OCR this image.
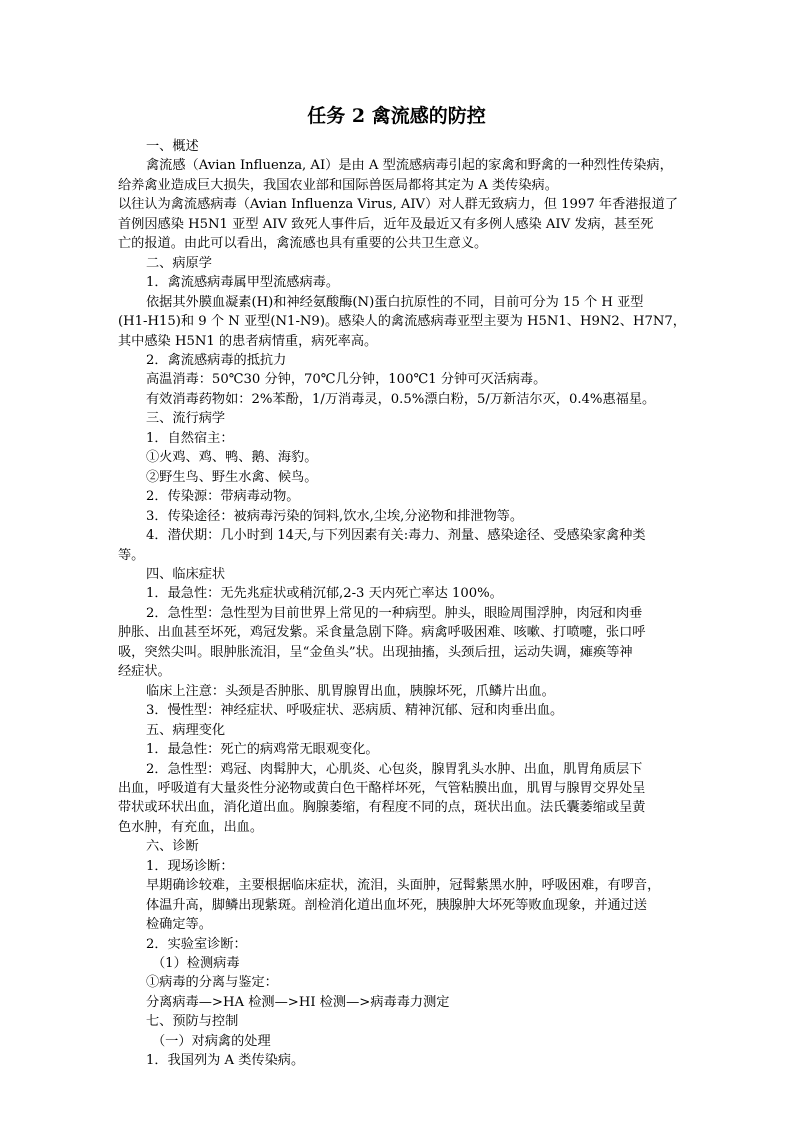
任务 2 禽流感的防控

一、概述

禽流感（Avian Influenza, AI）是由 A 型流感病毒引起的家禽和野禽的一种烈性传染病，

给养禽业造成巨大损失，我国农业部和国际兽医局都将其定为 A 类传染病。

以往认为禽流感病毒（Avian Influenza Virus, AIV）对人群无致病力，但 1997 年香港报道了

首例因感染 H5N1 亚型 AIV 致死人事件后，近年及最近又有多例人感染 AIV 发病，甚至死

亡的报道。由此可以看出，禽流感也具有重要的公共卫生意义。

二、病原学

1．禽流感病毒属甲型流感病毒。

依据其外膜血凝素(H)和神经氨酸酶(N)蛋白抗原性的不同，目前可分为 15 个 H 亚型

(H1-H15)和 9 个 N 亚型(N1-N9)。感染人的禽流感病毒亚型主要为 H5N1、H9N2、H7N7，

其中感染 H5N1 的患者病情重，病死率高。

2．禽流感病毒的抵抗力

高温消毒：50℃30 分钟，70℃几分钟，100℃1 分钟可灭活病毒。

有效消毒药物如：2%苯酚，1/万消毒灵，0.5%漂白粉，5/万新洁尔灭，0.4%惠福星。

三、流行病学

1．自然宿主：

①火鸡、鸡、鸭、鹅、海豹。

②野生鸟、野生水禽、候鸟。

2．传染源：带病毒动物。

3．传染途径：被病毒污染的饲料,饮水,尘埃,分泌物和排泄物等。

4．潜伏期：几小时到 14天,与下列因素有关:毒力、剂量、感染途径、受感染家禽种类

等。

四、临床症状

1．最急性：无先兆症状或稍沉郁,2-3 天内死亡率达 100%。

2．急性型：急性型为目前世界上常见的一种病型。肿头，眼睑周围浮肿，肉冠和肉垂

肿胀、出血甚至坏死，鸡冠发紫。采食量急剧下降。病禽呼吸困难、咳嗽、打喷嚏，张口呼

吸，突然尖叫。眼肿胀流泪，呈“金鱼头”状。出现抽搐，头颈后扭，运动失调，瘫痪等神

经症状。

临床上注意：头颈是否肿胀、肌胃腺胃出血，胰腺坏死，爪鳞片出血。

3．慢性型：神经症状、呼吸症状、恶病质、精神沉郁、冠和肉垂出血。

五、病理变化

1．最急性：死亡的病鸡常无眼观变化。

2．急性型：鸡冠、肉髯肿大，心肌炎、心包炎，腺胃乳头水肿、出血，肌胃角质层下

出血，呼吸道有大量炎性分泌物或黄白色干酪样坏死，气管粘膜出血，肌胃与腺胃交界处呈

带状或环状出血，消化道出血。胸腺萎缩，有程度不同的点，斑状出血。法氏囊萎缩或呈黄

色水肿，有充血，出血。

六、诊断

1．现场诊断：

早期确诊较难，主要根据临床症状，流泪，头面肿，冠髯紫黑水肿，呼吸困难，有啰音，

体温升高，脚鳞出现紫斑。剖检消化道出血坏死，胰腺肿大坏死等败血现象，并通过送

检确定等。

2．实验室诊断：

（1）检测病毒

①病毒的分离与鉴定：

分离病毒—>HA 检测—>HI 检测—>病毒毒力测定

七、预防与控制

（一）对病禽的处理

1．我国列为 A 类传染病。
